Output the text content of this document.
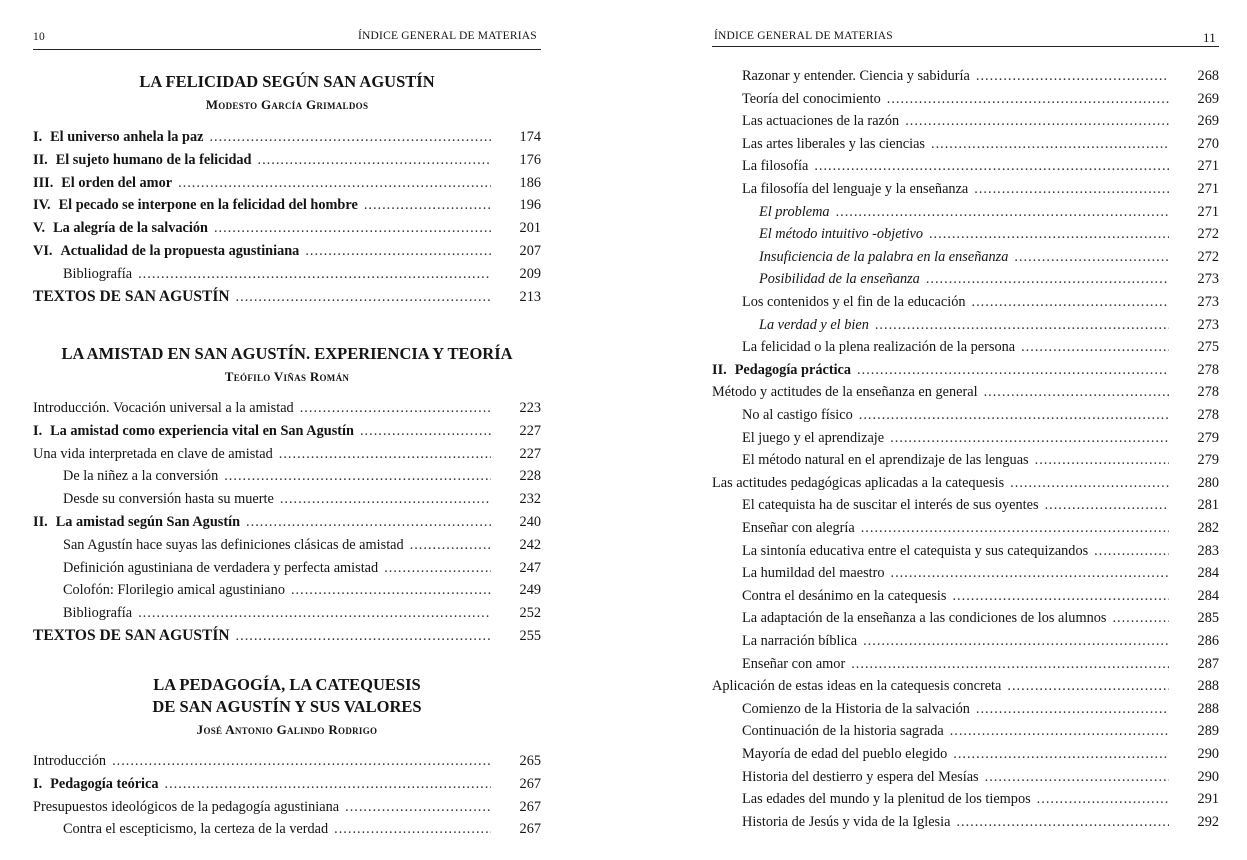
10	ÍNDICE GENERAL DE MATERIAS
LA FELICIDAD SEGÚN SAN AGUSTÍN
Modesto García Grimaldos
I. El universo anhela la paz .....	174
II. El sujeto humano de la felicidad .....	176
III. El orden del amor .....	186
IV. El pecado se interpone en la felicidad del hombre .....	196
V. La alegría de la salvación .....	201
VI. Actualidad de la propuesta agustiniana .....	207
Bibliografía .....	209
TEXTOS DE SAN AGUSTÍN .....	213
LA AMISTAD EN SAN AGUSTÍN. EXPERIENCIA Y TEORÍA
Teófilo Viñas Román
Introducción. Vocación universal a la amistad .....	223
I. La amistad como experiencia vital en San Agustín .....	227
Una vida interpretada en clave de amistad .....	227
De la niñez a la conversión .....	228
Desde su conversión hasta su muerte .....	232
II. La amistad según San Agustín .....	240
San Agustín hace suyas las definiciones clásicas de amistad .....	242
Definición agustiniana de verdadera y perfecta amistad .....	247
Colofón: Florilegio amical agustiniano .....	249
Bibliografía .....	252
TEXTOS DE SAN AGUSTÍN .....	255
LA PEDAGOGÍA, LA CATEQUESIS
DE SAN AGUSTÍN Y SUS VALORES
José Antonio Galindo Rodrigo
Introducción .....	265
I. Pedagogía teórica .....	267
Presupuestos ideológicos de la pedagogía agustiniana .....	267
Contra el escepticismo, la certeza de la verdad .....	267
ÍNDICE GENERAL DE MATERIAS	11
Razonar y entender. Ciencia y sabiduría .....	268
Teoría del conocimiento .....	269
Las actuaciones de la razón .....	269
Las artes liberales y las ciencias .....	270
La filosofía .....	271
La filosofía del lenguaje y la enseñanza .....	271
El problema .....	271
El método intuitivo -objetivo .....	272
Insuficiencia de la palabra en la enseñanza .....	272
Posibilidad de la enseñanza .....	273
Los contenidos y el fin de la educación .....	273
La verdad y el bien .....	273
La felicidad o la plena realización de la persona .....	275
II. Pedagogía práctica .....	278
Método y actitudes de la enseñanza en general .....	278
No al castigo físico .....	278
El juego y el aprendizaje .....	279
El método natural en el aprendizaje de las lenguas .....	279
Las actitudes pedagógicas aplicadas a la catequesis .....	280
El catequista ha de suscitar el interés de sus oyentes .....	281
Enseñar con alegría .....	282
La sintonía educativa entre el catequista y sus catequizandos .....	283
La humildad del maestro .....	284
Contra el desánimo en la catequesis .....	284
La adaptación de la enseñanza a las condiciones de los alumnos .....	285
La narración bíblica .....	286
Enseñar con amor .....	287
Aplicación de estas ideas en la catequesis concreta .....	288
Comienzo de la Historia de la salvación .....	288
Continuación de la historia sagrada .....	289
Mayoría de edad del pueblo elegido .....	290
Historia del destierro y espera del Mesías .....	290
Las edades del mundo y la plenitud de los tiempos .....	291
Historia de Jesús y vida de la Iglesia .....	292
